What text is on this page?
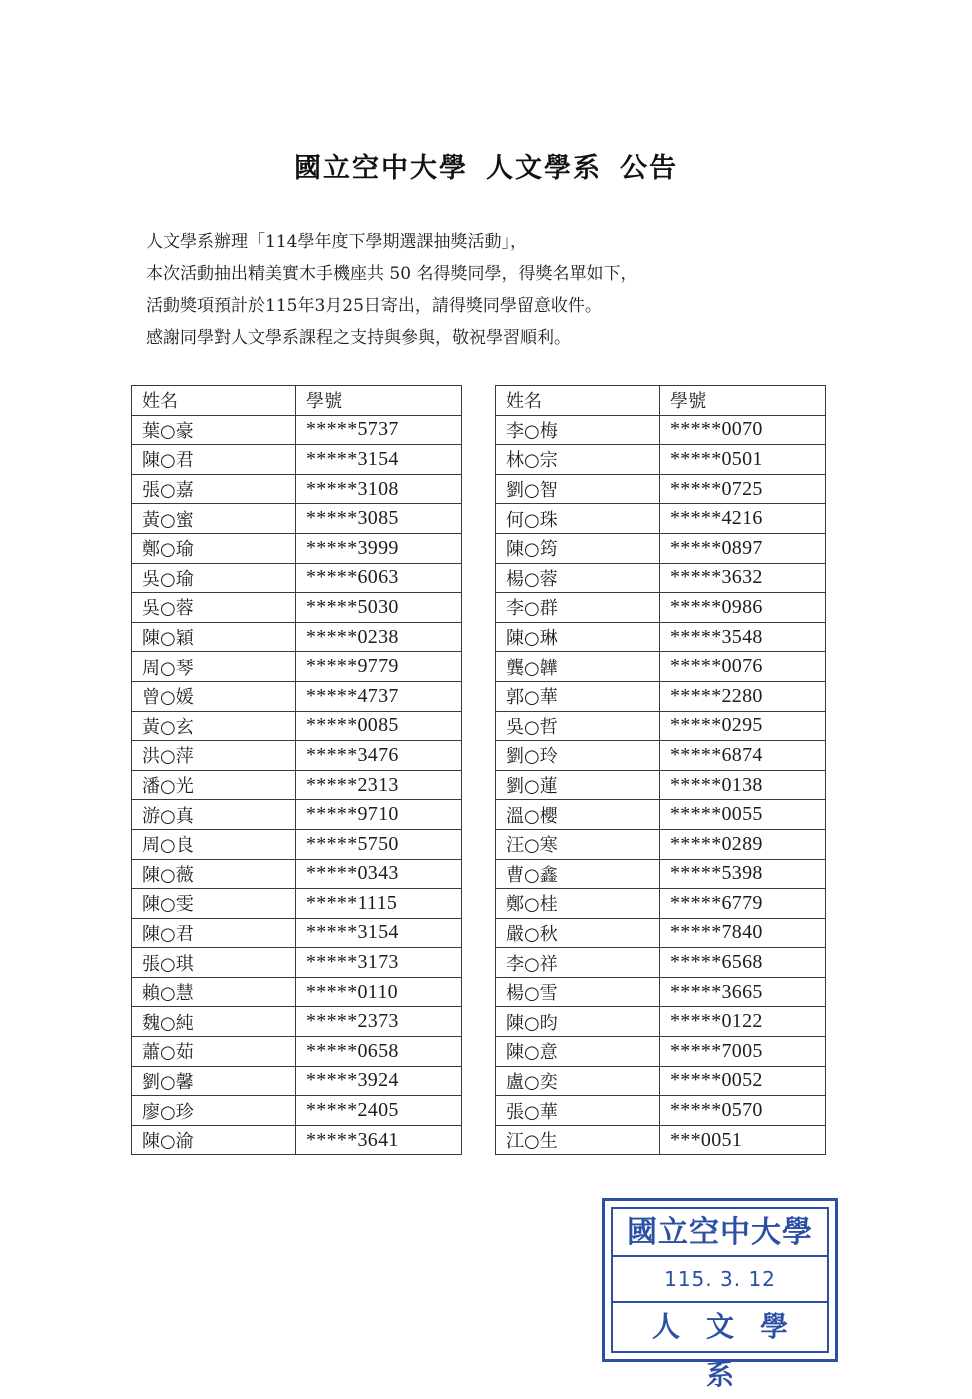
國立空中大學 人文學系 公告
人文學系辦理「114學年度下學期選課抽獎活動」，
本次活動抽出精美實木手機座共 50 名得獎同學，得獎名單如下，
活動獎項預計於115年3月25日寄出，請得獎同學留意收件。
感謝同學對人文學系課程之支持與參與，敬祝學習順利。
姓名	學號
葉○豪	*****5737
陳○君	*****3154
張○嘉	*****3108
黃○蜜	*****3085
鄭○瑜	*****3999
吳○瑜	*****6063
吳○蓉	*****5030
陳○穎	*****0238
周○琴	*****9779
曾○媛	*****4737
黃○玄	*****0085
洪○萍	*****3476
潘○光	*****2313
游○真	*****9710
周○良	*****5750
陳○薇	*****0343
陳○雯	*****1115
陳○君	*****3154
張○琪	*****3173
賴○慧	*****0110
魏○純	*****2373
蕭○茹	*****0658
劉○馨	*****3924
廖○珍	*****2405
陳○渝	*****3641
姓名	學號
李○梅	*****0070
林○宗	*****0501
劉○智	*****0725
何○珠	*****4216
陳○筠	*****0897
楊○蓉	*****3632
李○群	*****0986
陳○琳	*****3548
龔○韡	*****0076
郭○華	*****2280
吳○哲	*****0295
劉○玲	*****6874
劉○蓮	*****0138
溫○櫻	*****0055
汪○寒	*****0289
曹○鑫	*****5398
鄭○桂	*****6779
嚴○秋	*****7840
李○祥	*****6568
楊○雪	*****3665
陳○昀	*****0122
陳○意	*****7005
盧○奕	*****0052
張○華	*****0570
江○生	***0051
國立空中大學
115. 3. 12
人文學系
